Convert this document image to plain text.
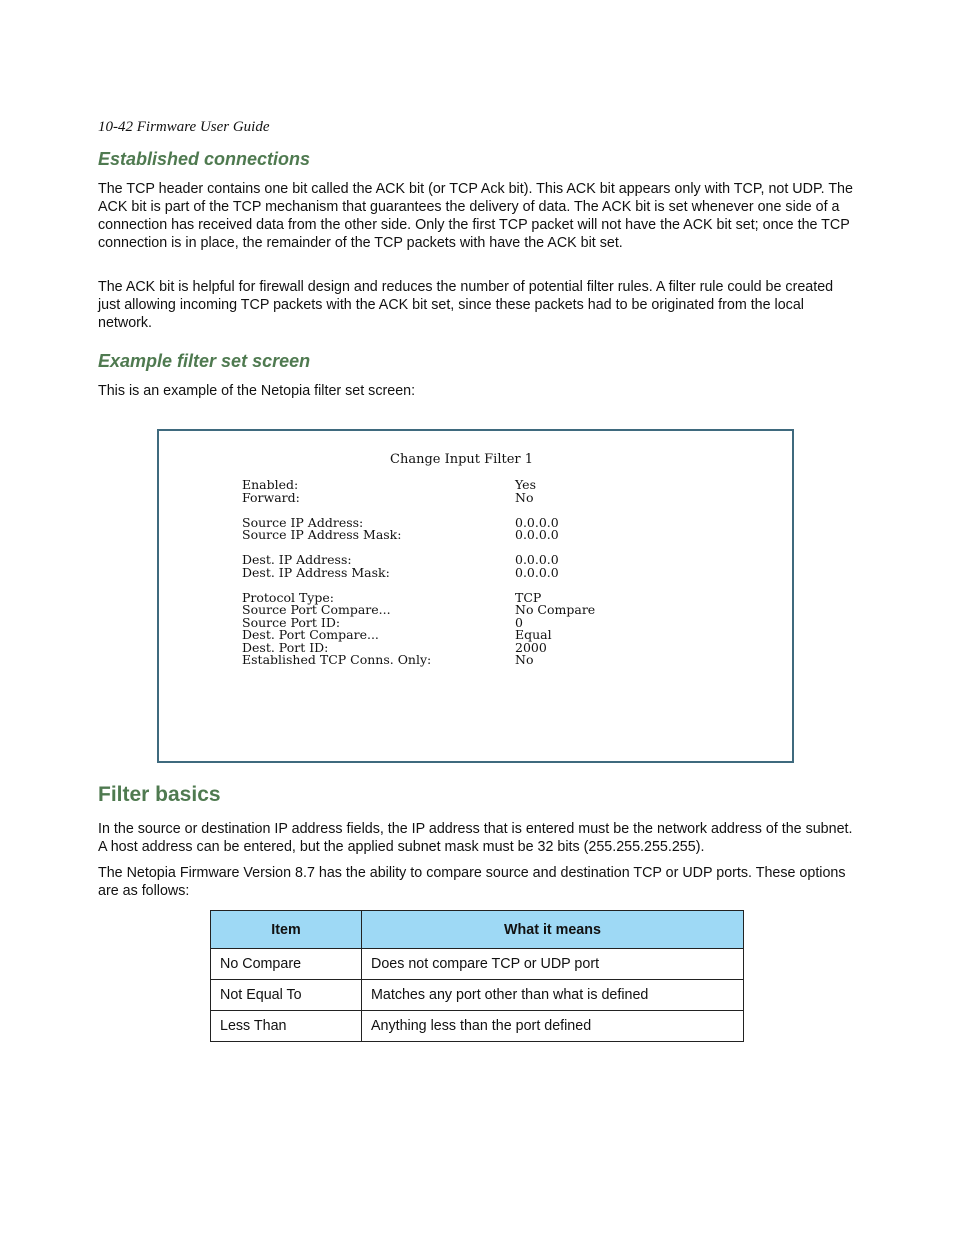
10-42 Firmware User Guide
Established connections

The TCP header contains one bit called the ACK bit (or TCP Ack bit). This ACK bit appears only with TCP, not UDP. The ACK bit is part of the TCP mechanism that guarantees the delivery of data. The ACK bit is set whenever one side of a connection has received data from the other side. Only the first TCP packet will not have the ACK bit set; once the TCP connection is in place, the remainder of the TCP packets with have the ACK bit set.

The ACK bit is helpful for firewall design and reduces the number of potential filter rules. A filter rule could be created just allowing incoming TCP packets with the ACK bit set, since these packets had to be originated from the local network.

Example filter set screen

This is an example of the Netopia filter set screen:

Change Input Filter 1
Enabled:	Yes
Forward:	No
Source IP Address:	0.0.0.0
Source IP Address Mask:	0.0.0.0
Dest. IP Address:	0.0.0.0
Dest. IP Address Mask:	0.0.0.0
Protocol Type:	TCP
Source Port Compare...	No Compare
Source Port ID:	0
Dest. Port Compare...	Equal
Dest. Port ID:	2000
Established TCP Conns. Only:	No
Filter basics

In the source or destination IP address fields, the IP address that is entered must be the network address of the subnet. A host address can be entered, but the applied subnet mask must be 32 bits (255.255.255.255).

The Netopia Firmware Version 8.7 has the ability to compare source and destination TCP or UDP ports. These options are as follows:

Item	What it means
No Compare	Does not compare TCP or UDP port
Not Equal To	Matches any port other than what is defined
Less Than	Anything less than the port defined
